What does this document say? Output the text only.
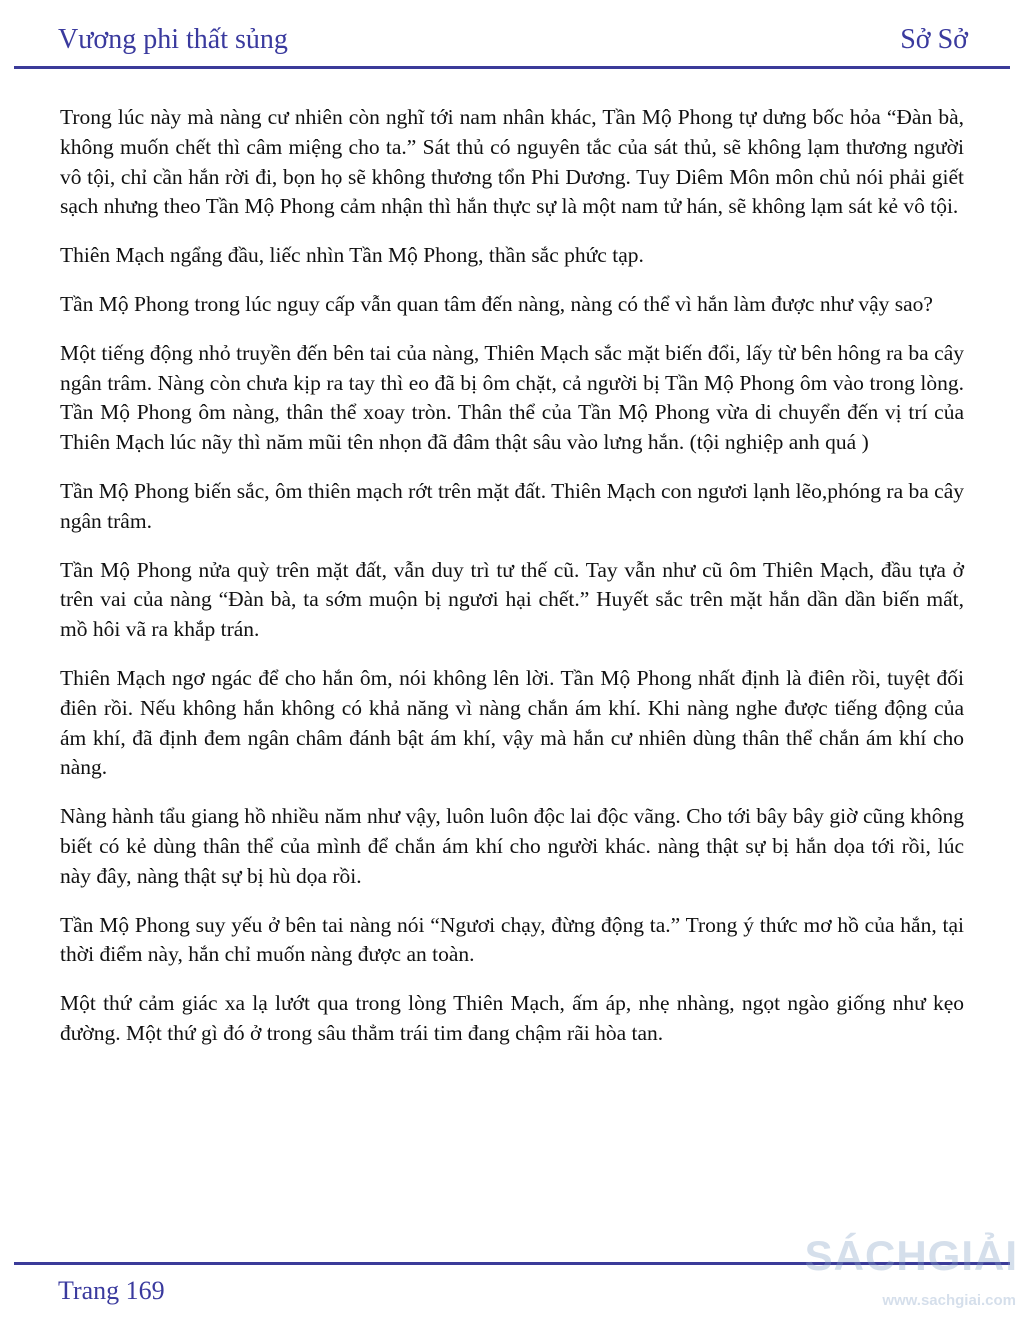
Vương phi thất sủng	Sở Sở

Trong lúc này mà nàng cư nhiên còn nghĩ tới nam nhân khác, Tần Mộ Phong tự dưng bốc hỏa “Đàn bà, không muốn chết thì câm miệng cho ta.” Sát thủ có nguyên tắc của sát thủ, sẽ không lạm thương người vô tội, chỉ cần hắn rời đi, bọn họ sẽ không thương tổn Phi Dương. Tuy Diêm Môn môn chủ nói phải giết sạch nhưng theo Tần Mộ Phong cảm nhận thì hắn thực sự là một nam tử hán, sẽ không lạm sát kẻ vô tội.

Thiên Mạch ngẩng đầu, liếc nhìn Tần Mộ Phong, thần sắc phức tạp.

Tần Mộ Phong trong lúc nguy cấp vẫn quan tâm đến nàng, nàng có thể vì hắn làm được như vậy sao?

Một tiếng động nhỏ truyền đến bên tai của nàng, Thiên Mạch sắc mặt biến đổi, lấy từ bên hông ra ba cây ngân trâm. Nàng còn chưa kịp ra tay thì eo đã bị ôm chặt, cả người bị Tần Mộ Phong ôm vào trong lòng. Tần Mộ Phong ôm nàng, thân thể xoay tròn. Thân thể của Tần Mộ Phong vừa di chuyển đến vị trí của Thiên Mạch lúc nãy thì năm mũi tên nhọn đã đâm thật sâu vào lưng hắn. (tội nghiệp anh quá )

Tần Mộ Phong biến sắc, ôm thiên mạch rớt trên mặt đất. Thiên Mạch con ngươi lạnh lẽo,phóng ra ba cây ngân trâm.

Tần Mộ Phong nửa quỳ trên mặt đất, vẫn duy trì tư thế cũ. Tay vẫn như cũ ôm Thiên Mạch, đầu tựa ở trên vai của nàng “Đàn bà, ta sớm muộn bị ngươi hại chết.” Huyết sắc trên mặt hắn dần dần biến mất, mồ hôi vã ra khắp trán.

Thiên Mạch ngơ ngác để cho hắn ôm, nói không lên lời. Tần Mộ Phong nhất định là điên rồi, tuyệt đối điên rồi. Nếu không hắn không có khả năng vì nàng chắn ám khí. Khi nàng nghe được tiếng động của ám khí, đã định đem ngân châm đánh bật ám khí, vậy mà hắn cư nhiên dùng thân thể chắn ám khí cho nàng.

Nàng hành tẩu giang hồ nhiều năm như vậy, luôn luôn độc lai độc vãng. Cho tới bây bây giờ cũng không biết có kẻ dùng thân thể của mình để chắn ám khí cho người khác. nàng thật sự bị hắn dọa tới rồi, lúc này đây, nàng thật sự bị hù dọa rồi.

Tần Mộ Phong suy yếu ở bên tai nàng nói “Ngươi chạy, đừng động ta.” Trong ý thức mơ hồ của hắn, tại thời điểm này, hắn chỉ muốn nàng được an toàn.

Một thứ cảm giác xa lạ lướt qua trong lòng Thiên Mạch, ấm áp, nhẹ nhàng, ngọt ngào giống như kẹo đường. Một thứ gì đó ở trong sâu thẳm trái tim đang chậm rãi hòa tan.

Trang 169
SÁCHGIẢI
www.sachgiai.com
